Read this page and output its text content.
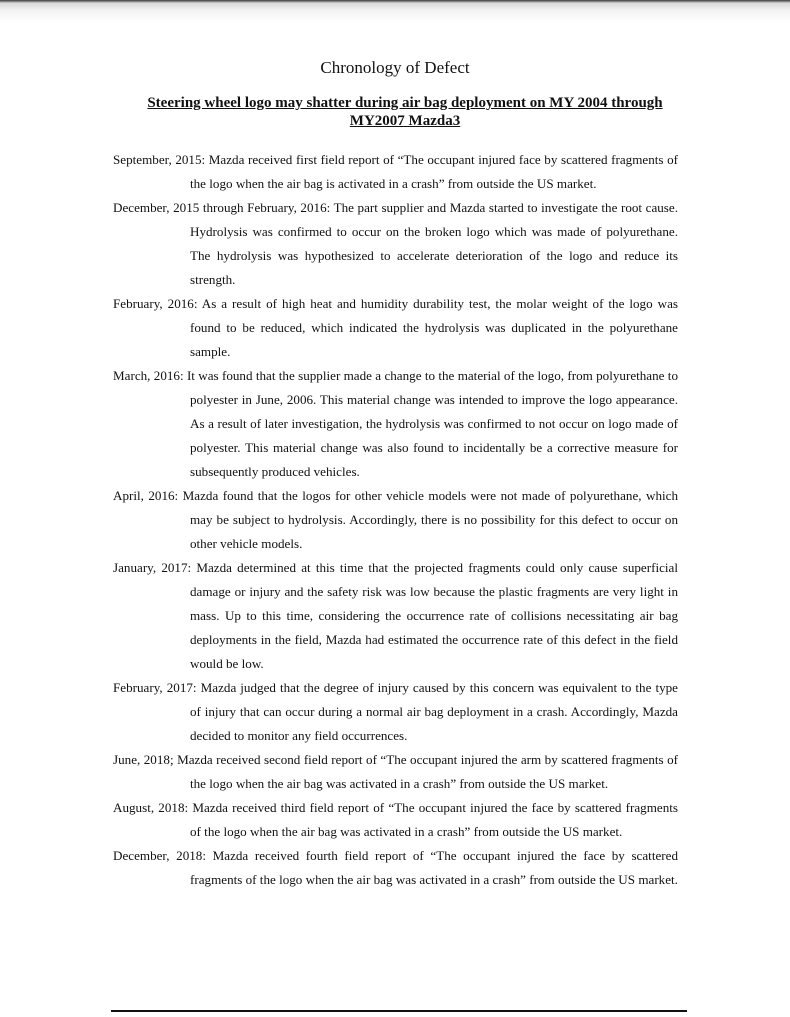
Chronology of Defect
Steering wheel logo may shatter during air bag deployment on MY 2004 through MY2007 Mazda3

September, 2015: Mazda received first field report of “The occupant injured face by scattered fragments of the logo when the air bag is activated in a crash” from outside the US market.

December, 2015 through February, 2016: The part supplier and Mazda started to investigate the root cause. Hydrolysis was confirmed to occur on the broken logo which was made of polyurethane. The hydrolysis was hypothesized to accelerate deterioration of the logo and reduce its strength.

February, 2016: As a result of high heat and humidity durability test, the molar weight of the logo was found to be reduced, which indicated the hydrolysis was duplicated in the polyurethane sample.

March, 2016: It was found that the supplier made a change to the material of the logo, from polyurethane to polyester in June, 2006. This material change was intended to improve the logo appearance. As a result of later investigation, the hydrolysis was confirmed to not occur on logo made of polyester. This material change was also found to incidentally be a corrective measure for subsequently produced vehicles.

April, 2016: Mazda found that the logos for other vehicle models were not made of polyurethane, which may be subject to hydrolysis. Accordingly, there is no possibility for this defect to occur on other vehicle models.

January, 2017: Mazda determined at this time that the projected fragments could only cause superficial damage or injury and the safety risk was low because the plastic fragments are very light in mass. Up to this time, considering the occurrence rate of collisions necessitating air bag deployments in the field, Mazda had estimated the occurrence rate of this defect in the field would be low.

February, 2017: Mazda judged that the degree of injury caused by this concern was equivalent to the type of injury that can occur during a normal air bag deployment in a crash. Accordingly, Mazda decided to monitor any field occurrences.

June, 2018; Mazda received second field report of “The occupant injured the arm by scattered fragments of the logo when the air bag was activated in a crash” from outside the US market.

August, 2018: Mazda received third field report of “The occupant injured the face by scattered fragments of the logo when the air bag was activated in a crash” from outside the US market.

December, 2018: Mazda received fourth field report of “The occupant injured the face by scattered fragments of the logo when the air bag was activated in a crash” from outside the US market.
